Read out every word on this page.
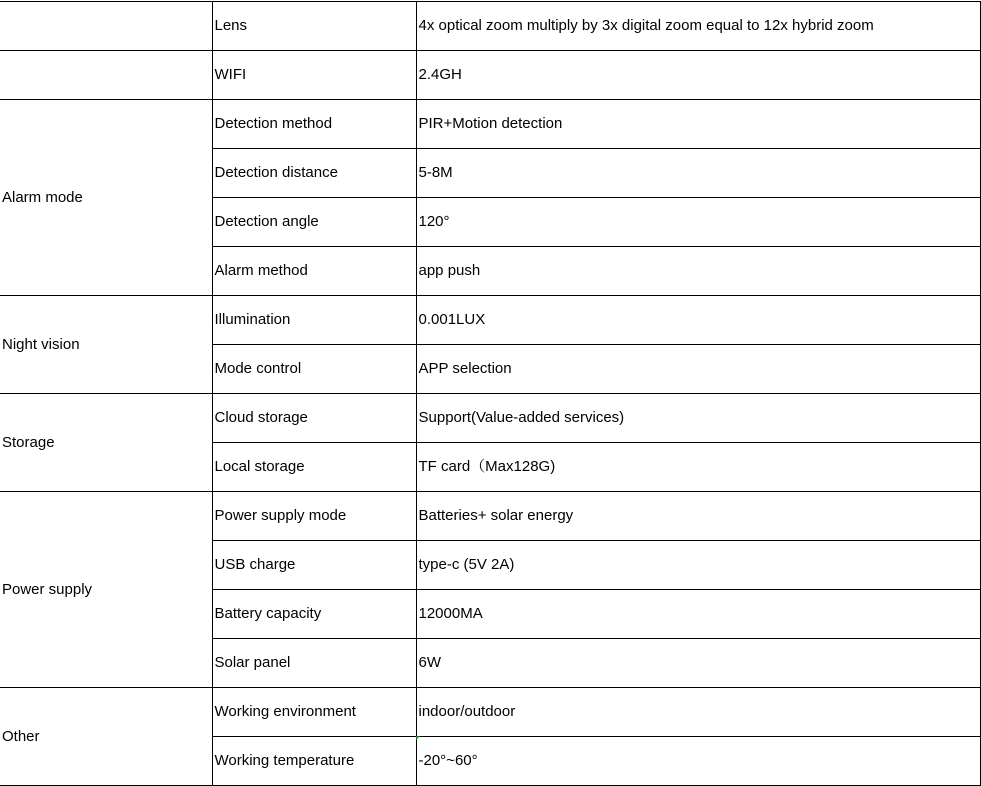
	Lens	4x optical zoom multiply by 3x digital zoom equal to 12x hybrid zoom
	WIFI	2.4GH
Alarm mode	Detection method	PIR+Motion detection
	Detection distance	5-8M
	Detection angle	120°
	Alarm method	app push
Night vision	Illumination	0.001LUX
	Mode control	APP selection
Storage	Cloud storage	Support(Value-added services)
	Local storage	TF card（Max128G)
Power supply	Power supply mode	Batteries+ solar energy
	USB charge	type-c (5V 2A)
	Battery capacity	12000MA
	Solar panel	6W
Other	Working environment	indoor/outdoor
	Working temperature	-20°~60°
